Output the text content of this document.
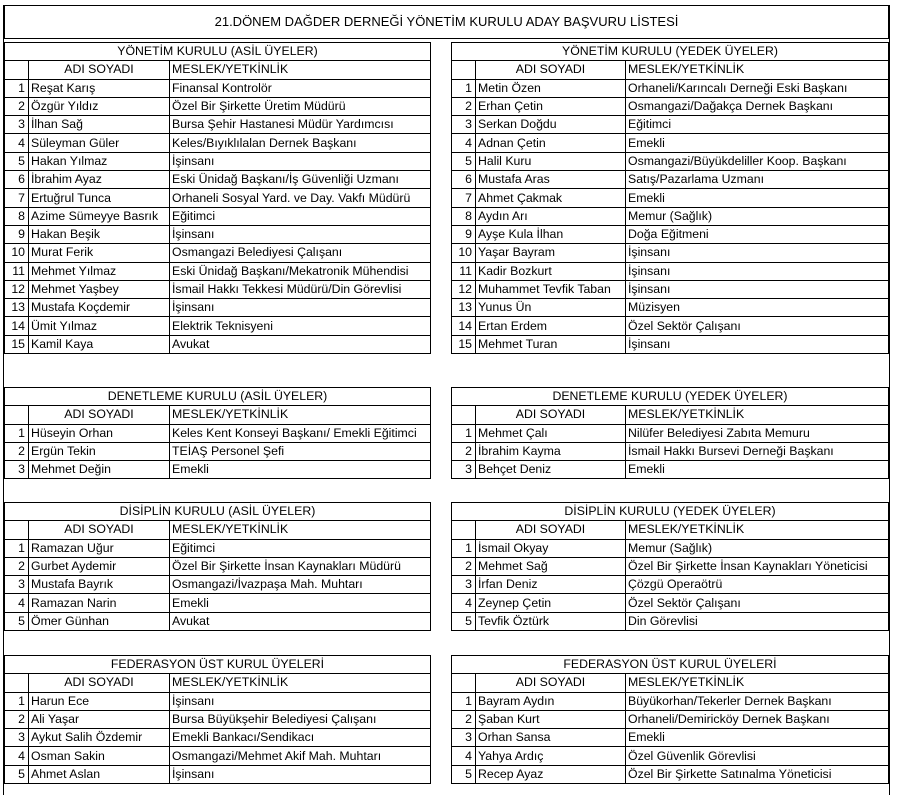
21.DÖNEM DAĞDER DERNEĞİ YÖNETİM KURULU ADAY BAŞVURU LİSTESİ
YÖNETİM KURULU (ASİL ÜYELER)		
	ADI SOYADI	MESLEK/YETKİNLİK
1	Reşat Karış	Finansal Kontrolör
2	Özgür Yıldız	Özel Bir Şirkette Üretim Müdürü
3	İlhan Sağ	Bursa Şehir Hastanesi Müdür Yardımcısı
4	Süleyman Güler	Keles/Bıyıklılalan Dernek Başkanı
5	Hakan Yılmaz	İşinsanı
6	İbrahim Ayaz	Eski Ünidağ Başkanı/İş Güvenliği Uzmanı
7	Ertuğrul Tunca	Orhaneli Sosyal Yard. ve Day. Vakfı Müdürü
8	Azime Sümeyye Basrık	Eğitimci
9	Hakan Beşik	İşinsanı
10	Murat Ferik	Osmangazi Belediyesi Çalışanı
11	Mehmet Yılmaz	Eski Ünidağ Başkanı/Mekatronik Mühendisi
12	Mehmet Yaşbey	İsmail Hakkı Tekkesi Müdürü/Din Görevlisi
13	Mustafa Koçdemir	İşinsanı
14	Ümit Yılmaz	Elektrik Teknisyeni
15	Kamil Kaya	Avukat
YÖNETİM KURULU (YEDEK ÜYELER)		
	ADI SOYADI	MESLEK/YETKİNLİK
1	Metin Özen	Orhaneli/Karıncalı Derneği Eski Başkanı
2	Erhan Çetin	Osmangazi/Dağakça Dernek Başkanı
3	Serkan Doğdu	Eğitimci
4	Adnan Çetin	Emekli
5	Halil Kuru	Osmangazi/Büyükdeliller Koop. Başkanı
6	Mustafa Aras	Satış/Pazarlama Uzmanı
7	Ahmet Çakmak	Emekli
8	Aydın Arı	Memur (Sağlık)
9	Ayşe Kula İlhan	Doğa Eğitmeni
10	Yaşar Bayram	İşinsanı
11	Kadir Bozkurt	İşinsanı
12	Muhammet Tevfik Taban	İşinsanı
13	Yunus Ün	Müzisyen
14	Ertan Erdem	Özel Sektör Çalışanı
15	Mehmet Turan	İşinsanı
DENETLEME KURULU (ASİL ÜYELER)		
	ADI SOYADI	MESLEK/YETKİNLİK
1	Hüseyin Orhan	Keles Kent Konseyi Başkanı/ Emekli Eğitimci
2	Ergün Tekin	TEİAŞ Personel Şefi
3	Mehmet Değin	Emekli
DENETLEME KURULU (YEDEK ÜYELER)		
	ADI SOYADI	MESLEK/YETKİNLİK
1	Mehmet Çalı	Nilüfer Belediyesi Zabıta Memuru
2	İbrahim Kayma	İsmail Hakkı Bursevi Derneği Başkanı
3	Behçet Deniz	Emekli
DİSİPLİN KURULU (ASİL ÜYELER)		
	ADI SOYADI	MESLEK/YETKİNLİK
1	Ramazan Uğur	Eğitimci
2	Gurbet Aydemir	Özel Bir Şirkette İnsan Kaynakları Müdürü
3	Mustafa Bayrık	Osmangazi/İvazpaşa Mah. Muhtarı
4	Ramazan Narin	Emekli
5	Ömer Günhan	Avukat
DİSİPLİN KURULU (YEDEK ÜYELER)		
	ADI SOYADI	MESLEK/YETKİNLİK
1	İsmail Okyay	Memur (Sağlık)
2	Mehmet Sağ	Özel Bir Şirkette İnsan Kaynakları Yöneticisi
3	İrfan Deniz	Çözgü Operaötrü
4	Zeynep Çetin	Özel Sektör Çalışanı
5	Tevfik Öztürk	Din Görevlisi
FEDERASYON ÜST KURUL ÜYELERİ		
	ADI SOYADI	MESLEK/YETKİNLİK
1	Harun Ece	İşinsanı
2	Ali Yaşar	Bursa Büyükşehir Belediyesi Çalışanı
3	Aykut Salih Özdemir	Emekli Bankacı/Sendikacı
4	Osman Sakin	Osmangazi/Mehmet Akif Mah. Muhtarı
5	Ahmet Aslan	İşinsanı
FEDERASYON ÜST KURUL ÜYELERİ		
	ADI SOYADI	MESLEK/YETKİNLİK
1	Bayram Aydın	Büyükorhan/Tekerler Dernek Başkanı
2	Şaban Kurt	Orhaneli/Demiricköy Dernek Başkanı
3	Orhan Sansa	Emekli
4	Yahya Ardıç	Özel Güvenlik Görevlisi
5	Recep Ayaz	Özel Bir Şirkette Satınalma Yöneticisi
